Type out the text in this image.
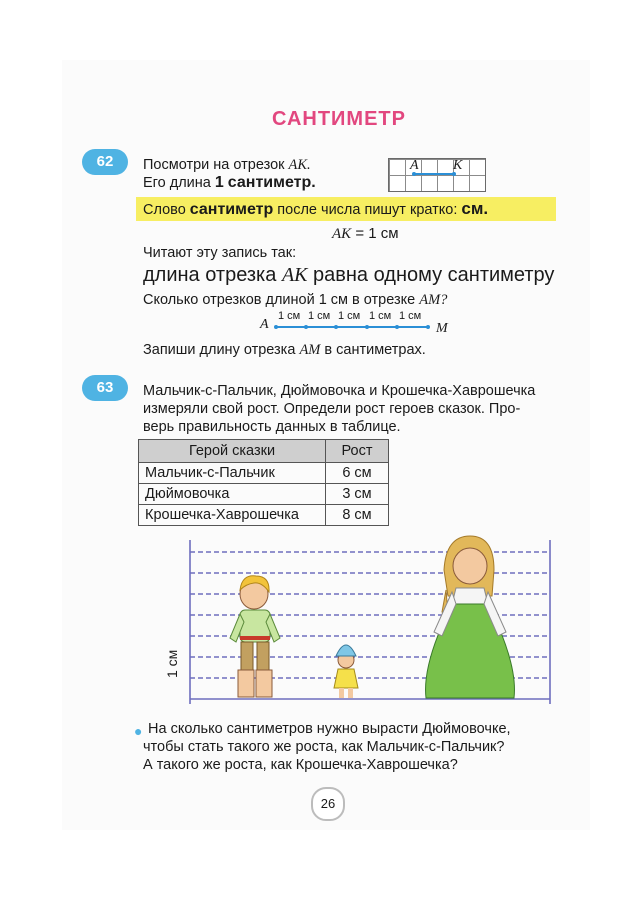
САНТИМЕТР
62	Посмотри на отрезок АК.
Его длина 1 сантиметр.
A K
Слово сантиметр после числа пишут кратко: см.
AK = 1 см
Читают эту запись так:
длина отрезка АК равна одному сантиметру
Сколько отрезков длиной 1 см в отрезке АМ?
A
1 см 1 см 1 см 1 см 1 см
M
Запиши длину отрезка АМ в сантиметрах.
63	Мальчик-с-Пальчик, Дюймовочка и Крошечка-Хаврошечка
измеряли свой рост. Определи рост героев сказок. Про-
верь правильность данных в таблице.
Герой сказки	Рост
Мальчик-с-Пальчик	6 см
Дюймовочка	3 см
Крошечка-Хаврошечка	8 см
1 см
● На сколько сантиметров нужно вырасти Дюймовочке,
чтобы стать такого же роста, как Мальчик-с-Пальчик?
А такого же роста, как Крошечка-Хаврошечка?
26
